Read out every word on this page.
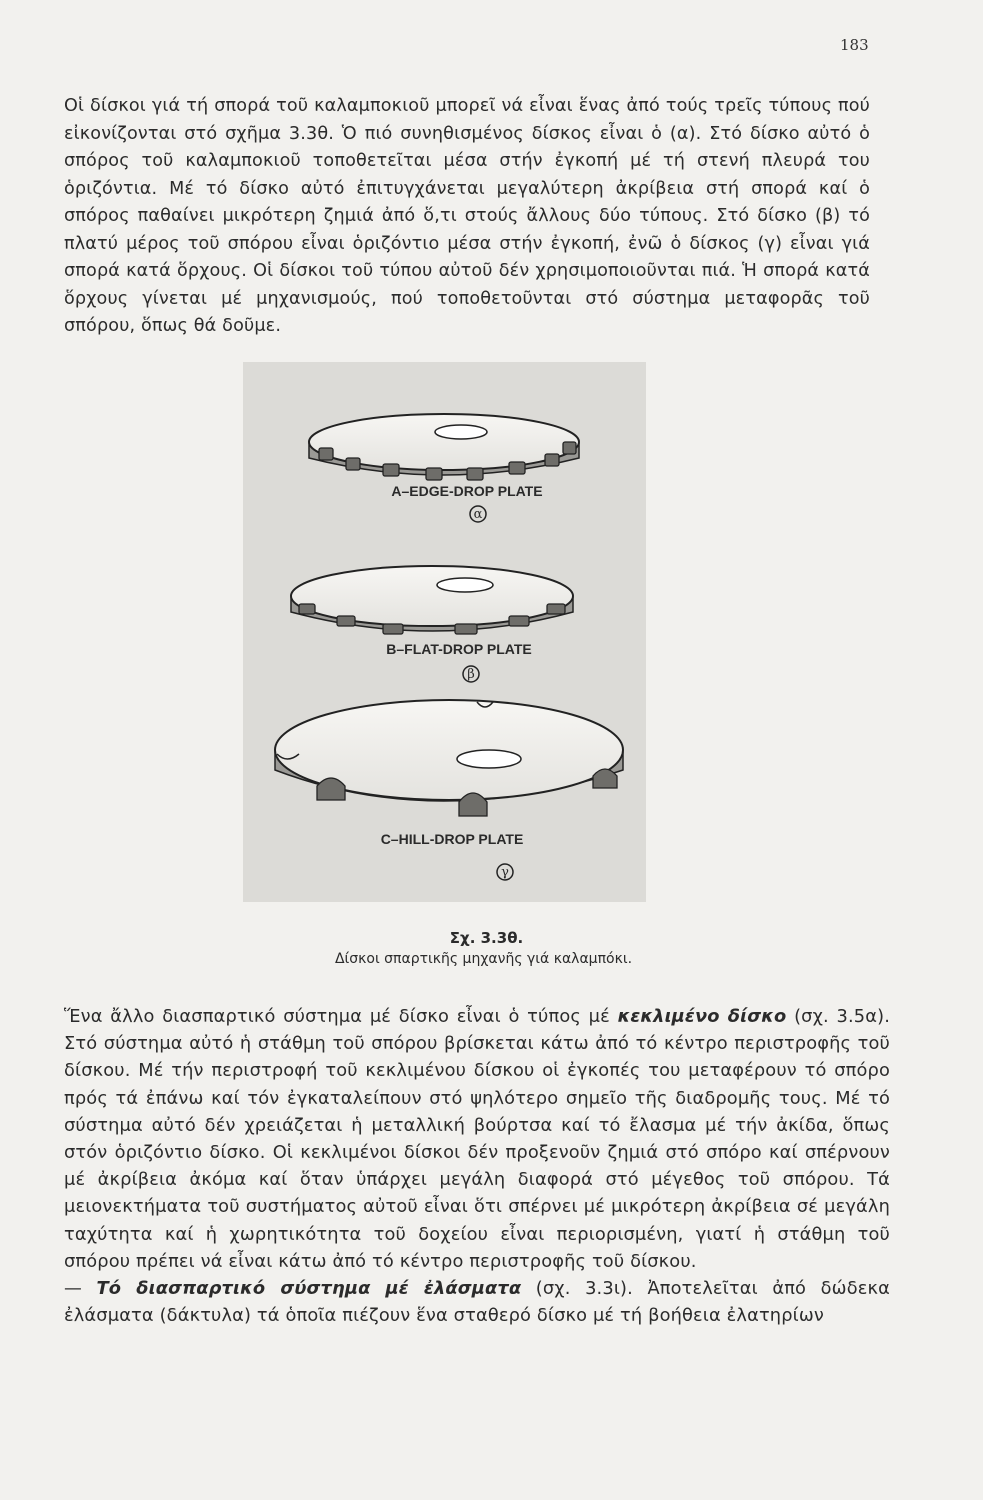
183

Οἱ δίσκοι γιά τή σπορά τοῦ καλαμποκιοῦ μπορεῖ νά εἶναι ἕνας ἀπό τούς τρεῖς τύπους πού εἰκονίζονται στό σχῆμα 3.3θ. Ὁ πιό συνηθισμένος δίσκος εἶναι ὁ (α). Στό δίσκο αὐτό ὁ σπόρος τοῦ καλαμποκιοῦ τοποθετεῖται μέσα στήν ἐγκοπή μέ τή στενή πλευρά του ὁριζόντια. Μέ τό δίσκο αὐτό ἐπιτυγχάνεται μεγαλύτερη ἀκρίβεια στή σπορά καί ὁ σπόρος παθαίνει μικρότερη ζημιά ἀπό ὅ,τι στούς ἄλλους δύο τύπους. Στό δίσκο (β) τό πλατύ μέρος τοῦ σπόρου εἶναι ὁριζόντιο μέσα στήν ἐγκοπή, ἐνῶ ὁ δίσκος (γ) εἶναι γιά σπορά κατά ὅρχους. Οἱ δίσκοι τοῦ τύπου αὐτοῦ δέν χρησιμοποιοῦνται πιά. Ἡ σπορά κατά ὅρχους γίνεται μέ μηχανισμούς, πού τοποθετοῦνται στό σύστημα μεταφορᾶς τοῦ σπόρου, ὅπως θά δοῦμε.

A–EDGE-DROP PLATE
α
B–FLAT-DROP PLATE
β
C–HILL-DROP PLATE
γ
Σχ. 3.3θ.
Δίσκοι σπαρτικῆς μηχανῆς γιά καλαμπόκι.

Ἕνα ἄλλο διασπαρτικό σύστημα μέ δίσκο εἶναι ὁ τύπος μέ κεκλιμένο δίσκο (σχ. 3.5α). Στό σύστημα αὐτό ἡ στάθμη τοῦ σπόρου βρίσκεται κάτω ἀπό τό κέντρο περιστροφῆς τοῦ δίσκου. Μέ τήν περιστροφή τοῦ κεκλιμένου δίσκου οἱ ἐγκοπές του μεταφέρουν τό σπόρο πρός τά ἐπάνω καί τόν ἐγκαταλείπουν στό ψηλότερο σημεῖο τῆς διαδρομῆς τους. Μέ τό σύστημα αὐτό δέν χρειάζεται ἡ μεταλλική βούρτσα καί τό ἔλασμα μέ τήν ἀκίδα, ὅπως στόν ὁριζόντιο δίσκο. Οἱ κεκλιμένοι δίσκοι δέν προξενοῦν ζημιά στό σπόρο καί σπέρνουν μέ ἀκρίβεια ἀκόμα καί ὅταν ὑπάρχει μεγάλη διαφορά στό μέγεθος τοῦ σπόρου. Τά μειονεκτήματα τοῦ συστήματος αὐτοῦ εἶναι ὅτι σπέρνει μέ μικρότερη ἀκρίβεια σέ μεγάλη ταχύτητα καί ἡ χωρητικότητα τοῦ δοχείου εἶναι περιορισμένη, γιατί ἡ στάθμη τοῦ σπόρου πρέπει νά εἶναι κάτω ἀπό τό κέντρο περιστροφῆς τοῦ δίσκου.
— Τό διασπαρτικό σύστημα μέ ἐλάσματα (σχ. 3.3ι). Ἀποτελεῖται ἀπό δώδεκα ἐλάσματα (δάκτυλα) τά ὁποῖα πιέζουν ἕνα σταθερό δίσκο μέ τή βοήθεια ἐλατηρίων
